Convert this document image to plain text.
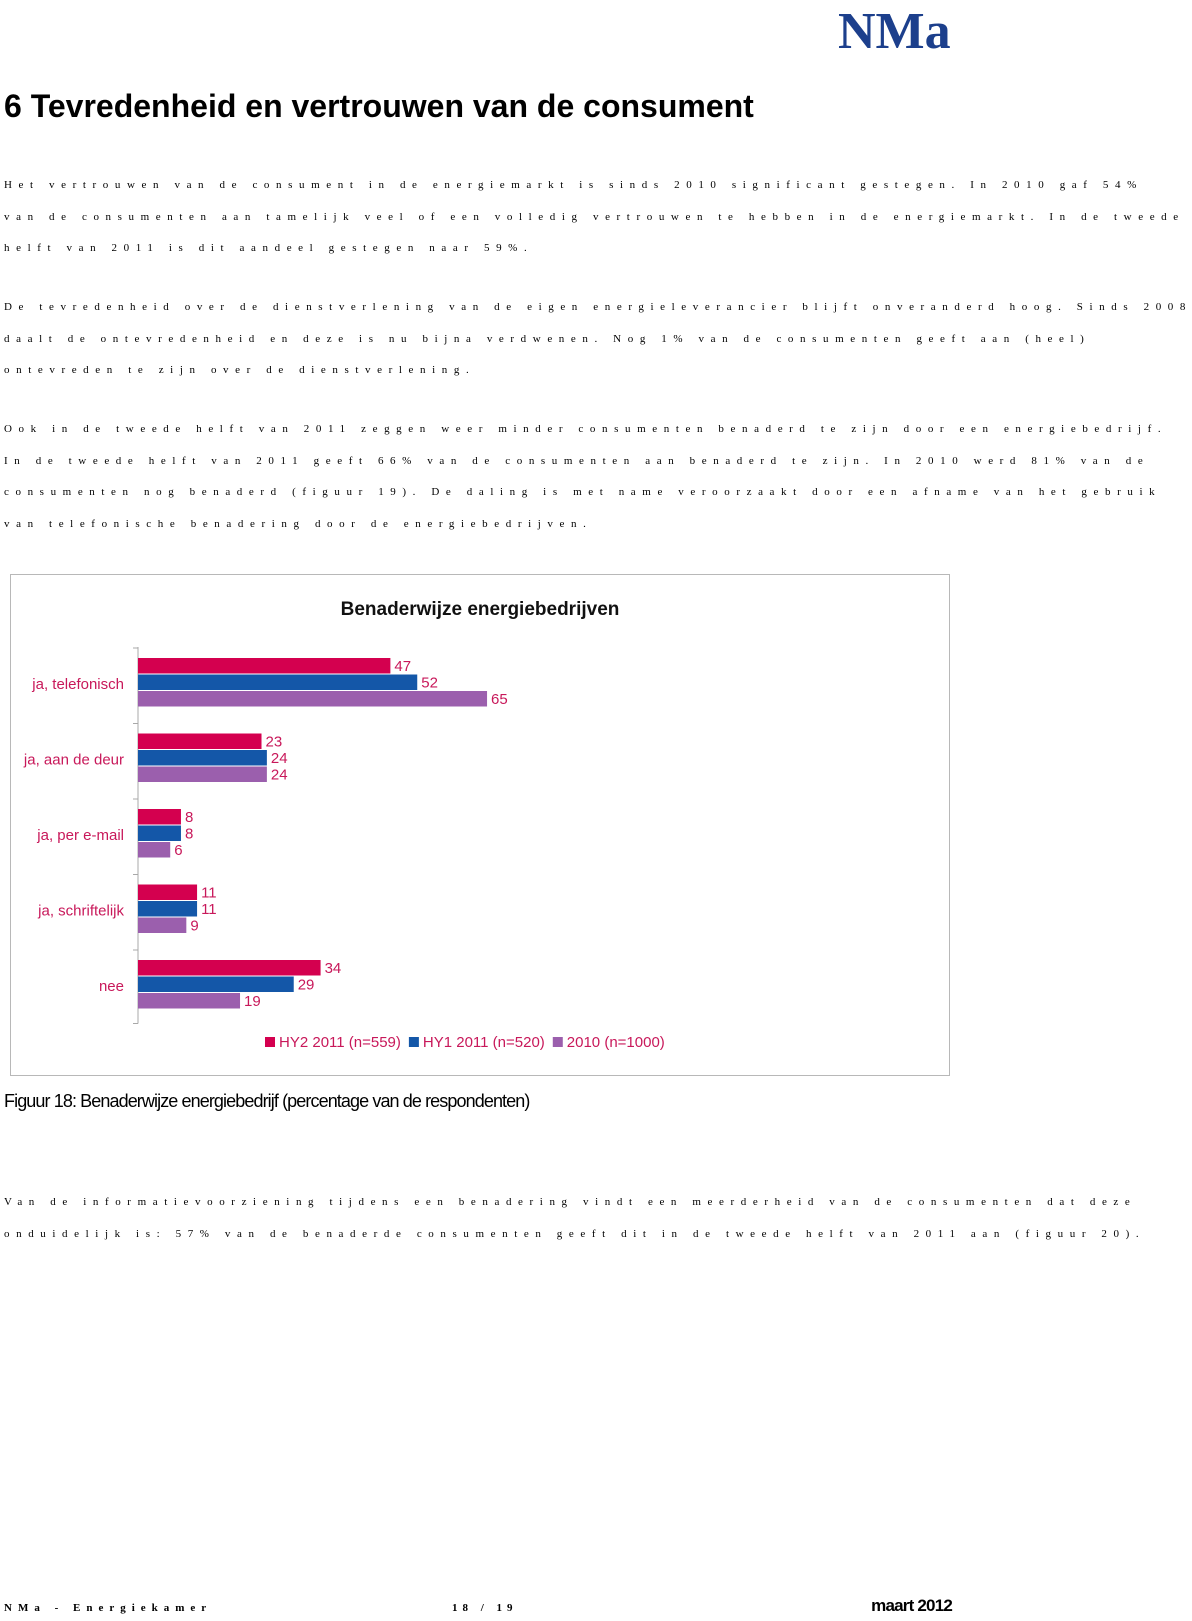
NMa
6 Tevredenheid en vertrouwen van de consument

Het vertrouwen van de consument in de energiemarkt is sinds 2010 significant gestegen. In 2010 gaf 54%
van de consumenten aan tamelijk veel of een volledig vertrouwen te hebben in de energiemarkt. In de tweede
helft van 2011 is dit aandeel gestegen naar 59%.

De tevredenheid over de dienstverlening van de eigen energieleverancier blijft onveranderd hoog. Sinds 2008
daalt de ontevredenheid en deze is nu bijna verdwenen. Nog 1% van de consumenten geeft aan (heel)
ontevreden te zijn over de dienstverlening.

Ook in de tweede helft van 2011 zeggen weer minder consumenten benaderd te zijn door een energiebedrijf.
In de tweede helft van 2011 geeft 66% van de consumenten aan benaderd te zijn. In 2010 werd 81% van de
consumenten nog benaderd (figuur 19). De daling is met name veroorzaakt door een afname van het gebruik
van telefonische benadering door de energiebedrijven.

Benaderwijze energiebedrijven
ja, telefonisch
47
52
65
ja, aan de deur
23
24
24
ja, per e-mail
8
8
6
ja, schriftelijk
11
11
9
nee
34
29
19
HY2 2011 (n=559) HY1 2011 (n=520) 2010 (n=1000)

Figuur 18: Benaderwijze energiebedrijf (percentage van de respondenten)

Van de informatievoorziening tijdens een benadering vindt een meerderheid van de consumenten dat deze
onduidelijk is: 57% van de benaderde consumenten geeft dit in de tweede helft van 2011 aan (figuur 20).

NMa - Energiekamer	18 / 19	maart 2012
